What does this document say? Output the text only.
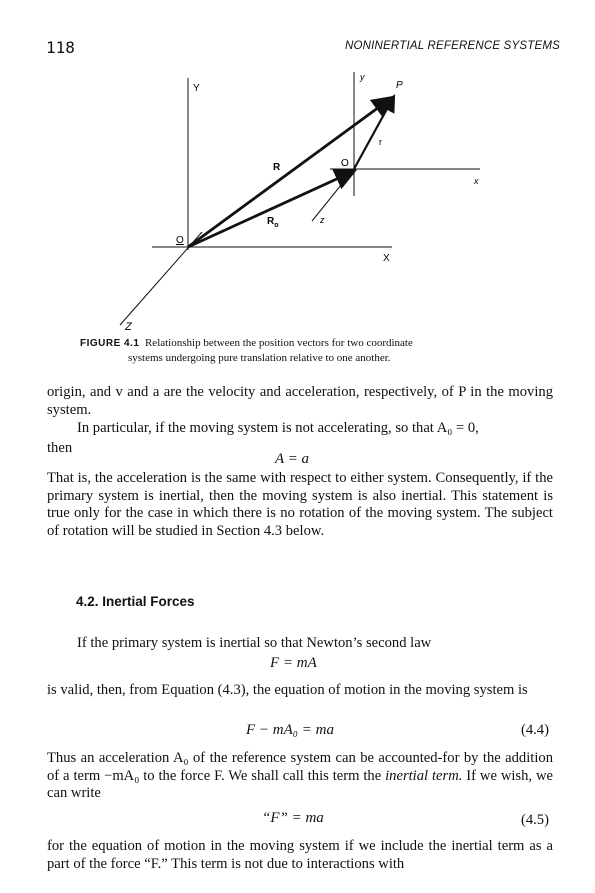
118	NONINERTIAL REFERENCE SYSTEMS
Y
X
Z
O
y
x
z
O
R
$R_o$
r
P
FIGURE 4.1 Relationship between the position vectors for two coordinate
systems undergoing pure translation relative to one another.
origin, and v and a are the velocity and acceleration, respectively, of P in the moving system.
In particular, if the moving system is not accelerating, so that A₀ = 0,
then
A = a
That is, the acceleration is the same with respect to either system. Consequently, if the primary system is inertial, then the moving system is also inertial. This statement is true only for the case in which there is no rotation of the moving system. The subject of rotation will be studied in Section 4.3 below.
4.2. Inertial Forces
If the primary system is inertial so that Newton’s second law
F = mA
is valid, then, from Equation (4.3), the equation of motion in the moving system is
F − mA₀ = ma	(4.4)
Thus an acceleration A₀ of the reference system can be accounted-for by the addition of a term −mA₀ to the force F. We shall call this term the inertial term. If we wish, we can write
“F” = ma	(4.5)
for the equation of motion in the moving system if we include the inertial term as a part of the force “F.” This term is not due to interactions with
